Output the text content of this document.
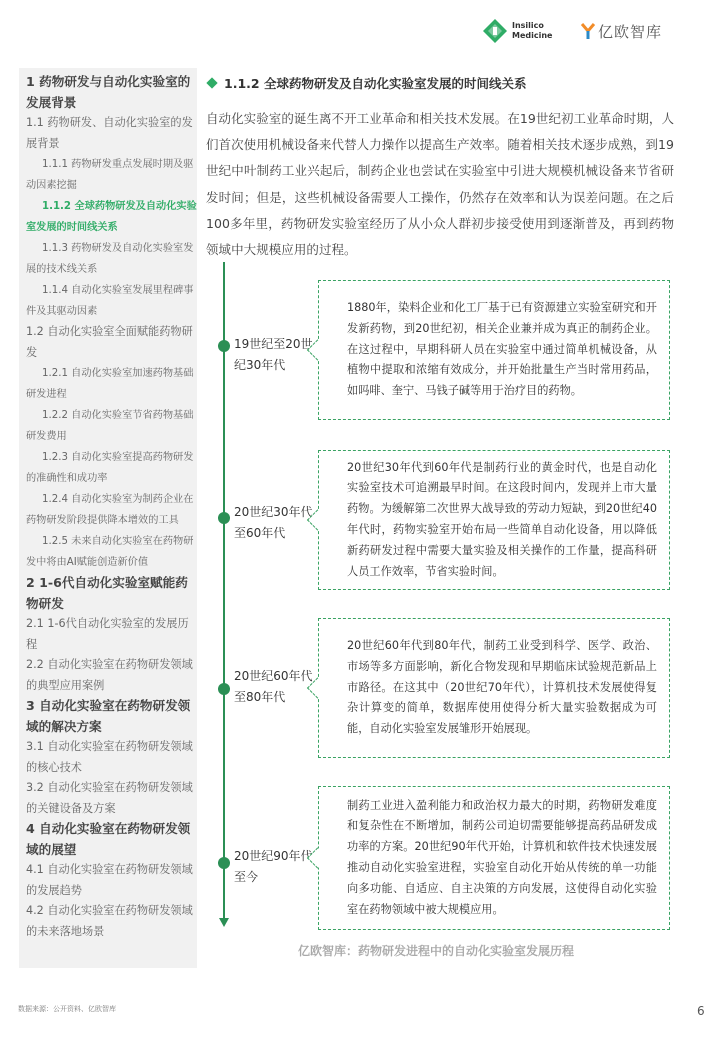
Insilico Medicine	亿欧智库
1 药物研发与自动化实验室的发展背景
1.1 药物研发、自动化实验室的发展背景
1.1.1 药物研发重点发展时期及驱动因素挖掘
1.1.2 全球药物研发及自动化实验室发展的时间线关系
1.1.3 药物研发及自动化实验室发展的技术线关系
1.1.4 自动化实验室发展里程碑事件及其驱动因素
1.2 自动化实验室全面赋能药物研发
1.2.1 自动化实验室加速药物基础研发进程
1.2.2 自动化实验室节省药物基础研发费用
1.2.3 自动化实验室提高药物研发的准确性和成功率
1.2.4 自动化实验室为制药企业在药物研发阶段提供降本增效的工具
1.2.5 未来自动化实验室在药物研发中将由AI赋能创造新价值
2 1-6代自动化实验室赋能药物研发
2.1 1-6代自动化实验室的发展历程
2.2 自动化实验室在药物研发领域的典型应用案例
3 自动化实验室在药物研发领域的解决方案
3.1 自动化实验室在药物研发领域的核心技术
3.2 自动化实验室在药物研发领域的关键设备及方案
4 自动化实验室在药物研发领域的展望
4.1 自动化实验室在药物研发领域的发展趋势
4.2 自动化实验室在药物研发领域的未来落地场景
1.1.2 全球药物研发及自动化实验室发展的时间线关系

自动化实验室的诞生离不开工业革命和相关技术发展。在19世纪初工业革命时期，人们首次使用机械设备来代替人力操作以提高生产效率。随着相关技术逐步成熟，到19世纪中叶制药工业兴起后，制药企业也尝试在实验室中引进大规模机械设备来节省研发时间；但是，这些机械设备需要人工操作，仍然存在效率和认为误差问题。在之后100多年里，药物研发实验室经历了从小众人群初步接受使用到逐渐普及，再到药物领域中大规模应用的过程。

19世纪至20世纪30年代

1880年，染料企业和化工厂基于已有资源建立实验室研究和开发新药物，到20世纪初，相关企业兼并成为真正的制药企业。在这过程中，早期科研人员在实验室中通过简单机械设备，从植物中提取和浓缩有效成分，并开始批量生产当时常用药品，如吗啡、奎宁、马钱子碱等用于治疗目的药物。

20世纪30年代至60年代

20世纪30年代到60年代是制药行业的黄金时代，也是自动化实验室技术可追溯最早时间。在这段时间内，发现并上市大量药物。为缓解第二次世界大战导致的劳动力短缺，到20世纪40年代时，药物实验室开始布局一些简单自动化设备，用以降低新药研发过程中需要大量实验及相关操作的工作量，提高科研人员工作效率，节省实验时间。

20世纪60年代至80年代

20世纪60年代到80年代，制药工业受到科学、医学、政治、市场等多方面影响，新化合物发现和早期临床试验规范新品上市路径。在这其中（20世纪70年代），计算机技术发展使得复杂计算变的简单，数据库使用使得分析大量实验数据成为可能，自动化实验室发展雏形开始展现。

20世纪90年代至今

制药工业进入盈利能力和政治权力最大的时期，药物研发难度和复杂性在不断增加，制药公司迫切需要能够提高药品研发成功率的方案。20世纪90年代开始，计算机和软件技术快速发展推动自动化实验室进程，实验室自动化开始从传统的单一功能向多功能、自适应、自主决策的方向发展，这使得自动化实验室在药物领域中被大规模应用。

亿欧智库：药物研发进程中的自动化实验室发展历程
数据来源：公开资料、亿欧智库	6
